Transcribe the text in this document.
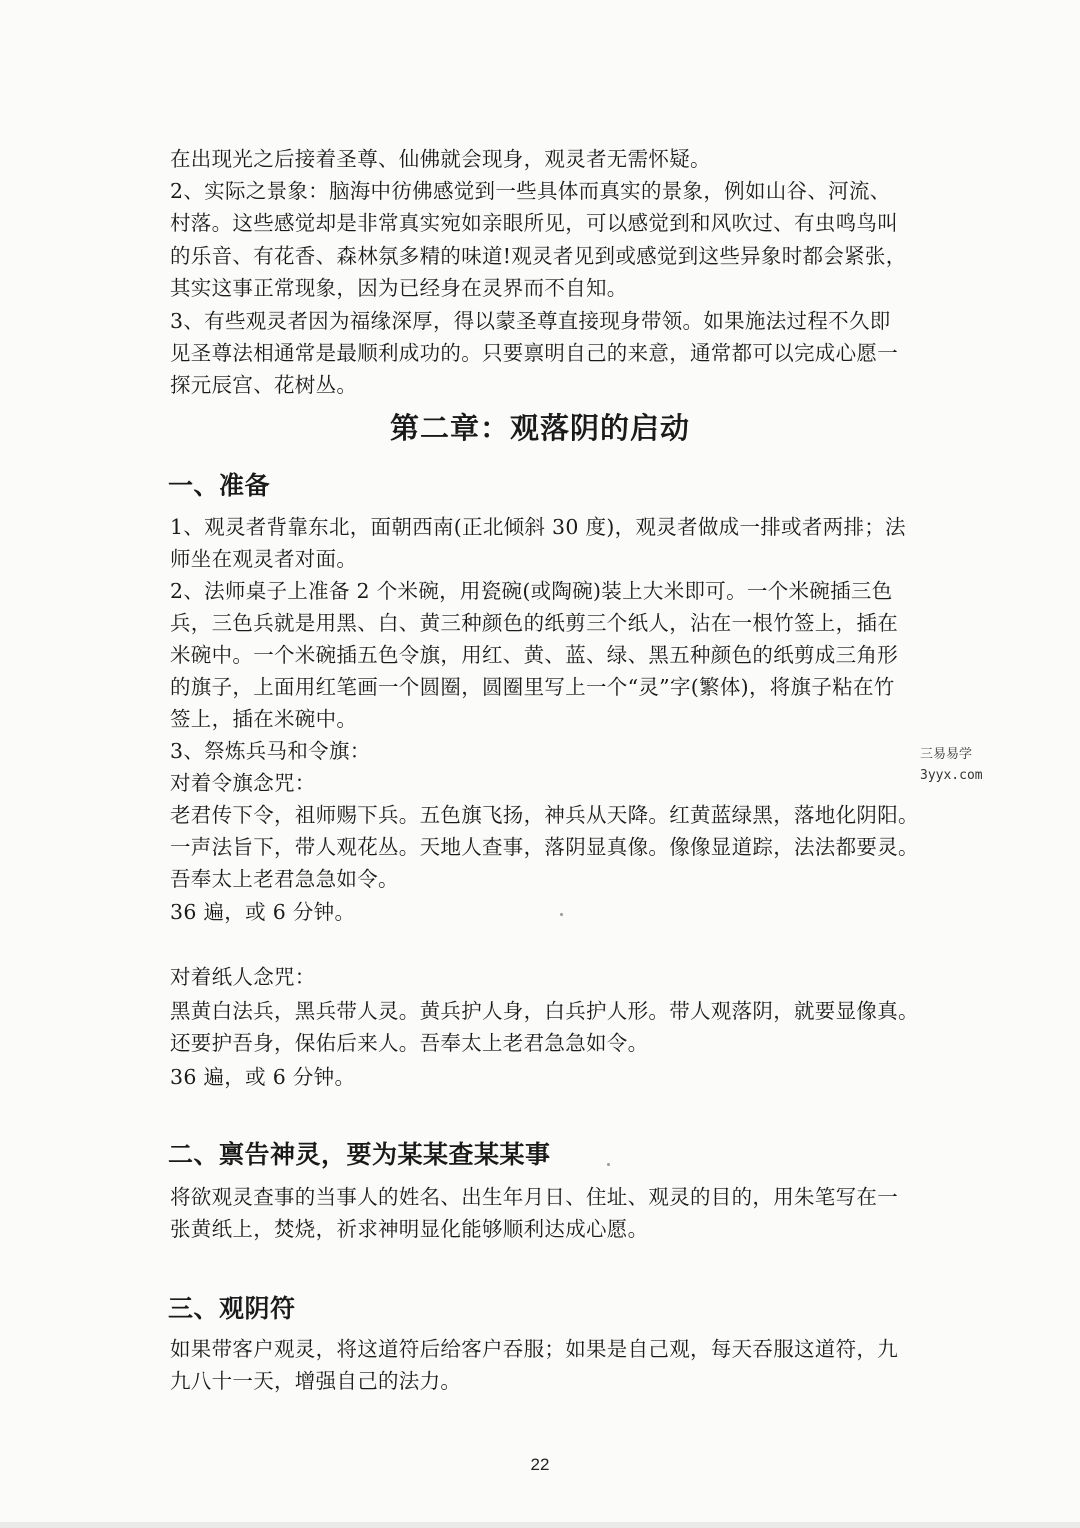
在出现光之后接着圣尊、仙佛就会现身，观灵者无需怀疑。
2、实际之景象：脑海中彷佛感觉到一些具体而真实的景象，例如山谷、河流、
村落。这些感觉却是非常真实宛如亲眼所见，可以感觉到和风吹过、有虫鸣鸟叫
的乐音、有花香、森林氛多精的味道!观灵者见到或感觉到这些异象时都会紧张，
其实这事正常现象，因为已经身在灵界而不自知。
3、有些观灵者因为福缘深厚，得以蒙圣尊直接现身带领。如果施法过程不久即
见圣尊法相通常是最顺利成功的。只要禀明自己的来意，通常都可以完成心愿一
探元辰宫、花树丛。
第二章：观落阴的启动
一、准备
1、观灵者背靠东北，面朝西南(正北倾斜 30 度)，观灵者做成一排或者两排；法
师坐在观灵者对面。
2、法师桌子上准备 2 个米碗，用瓷碗(或陶碗)装上大米即可。一个米碗插三色
兵，三色兵就是用黑、白、黄三种颜色的纸剪三个纸人，沾在一根竹签上，插在
米碗中。一个米碗插五色令旗，用红、黄、蓝、绿、黑五种颜色的纸剪成三角形
的旗子，上面用红笔画一个圆圈，圆圈里写上一个“灵”字(繁体)，将旗子粘在竹
签上，插在米碗中。
3、祭炼兵马和令旗：
对着令旗念咒：
老君传下令，祖师赐下兵。五色旗飞扬，神兵从天降。红黄蓝绿黑，落地化阴阳。
一声法旨下，带人观花丛。天地人查事，落阴显真像。像像显道踪，法法都要灵。
吾奉太上老君急急如令。
36 遍，或 6 分钟。
对着纸人念咒：
黑黄白法兵，黑兵带人灵。黄兵护人身，白兵护人形。带人观落阴，就要显像真。
还要护吾身，保佑后来人。吾奉太上老君急急如令。
36 遍，或 6 分钟。
二、禀告神灵，要为某某查某某事
将欲观灵查事的当事人的姓名、出生年月日、住址、观灵的目的，用朱笔写在一
张黄纸上，焚烧，祈求神明显化能够顺利达成心愿。
三、观阴符
如果带客户观灵，将这道符后给客户吞服；如果是自己观，每天吞服这道符，九
九八十一天，增强自己的法力。
三易易学
3yyx.com
22
